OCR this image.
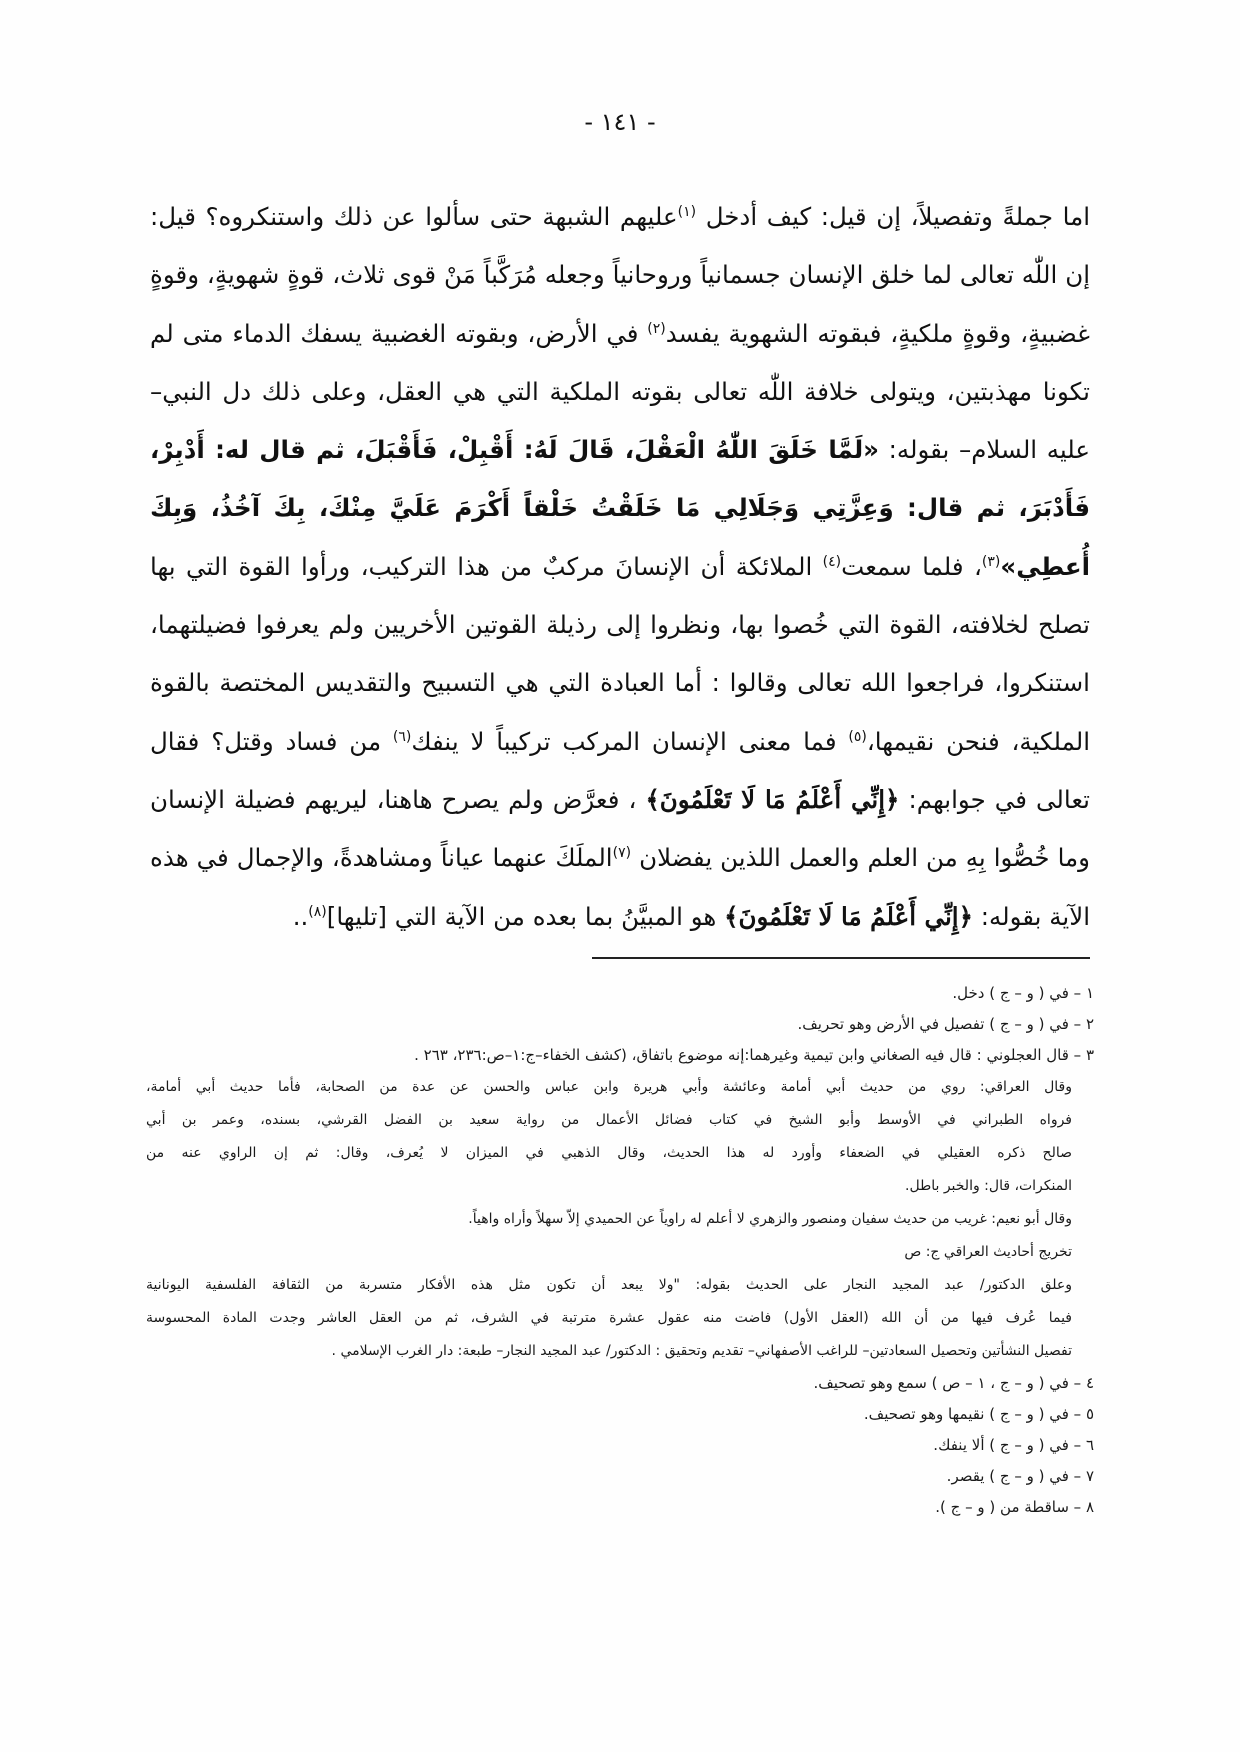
- ١٤١ -

اما جملةً وتفصيلاً، إن قيل: كيف أدخل $^{(١)}$عليهم الشبهة حتى سألوا عن ذلك واستنكروه؟ قيل: إن اللّٰه تعالى لما خلق الإنسان جسمانياً وروحانياً وجعله مُرَكَّباً مَنْ قوى ثلاث، قوةٍ شهويةٍ، وقوةٍ غضبيةٍ، وقوةٍ ملكيةٍ، فبقوته الشهوية يفسد$^{(٢)}$ في الأرض، وبقوته الغضبية يسفك الدماء متى لم تكونا مهذبتين، ويتولى خلافة اللّٰه تعالى بقوته الملكية التي هي العقل، وعلى ذلك دل النبي– عليه السلام– بقوله: «لَمَّا خَلَقَ اللّٰهُ الْعَقْلَ، قَالَ لَهُ: أَقْبِلْ، فَأَقْبَلَ، ثم قال له: أَدْبِرْ، فَأَدْبَرَ، ثم قال: وَعِزَّتِي وَجَلَالِي مَا خَلَقْتُ خَلْقاً أَكْرَمَ عَلَيَّ مِنْكَ، بِكَ آخُذُ، وَبِكَ أُعطِي»$^{(٣)}$، فلما سمعت$^{(٤)}$ الملائكة أن الإنسانَ مركبٌ من هذا التركيب، ورأوا القوة التي بها تصلح لخلافته، القوة التي خُصوا بها، ونظروا إلى رذيلة القوتين الأخريين ولم يعرفوا فضيلتهما، استنكروا، فراجعوا الله تعالى وقالوا : أما العبادة التي هي التسبيح والتقديس المختصة بالقوة الملكية، فنحن نقيمها،$^{(٥)}$ فما معنى الإنسان المركب تركيباً لا ينفك$^{(٦)}$ من فساد وقتل؟ فقال تعالى في جوابهم: ﴿إِنِّي أَعْلَمُ مَا لَا تَعْلَمُونَ﴾ ، فعرَّض ولم يصرح هاهنا، ليريهم فضيلة الإنسان وما خُصُّوا بِهِ من العلم والعمل اللذين يفضلان $^{(٧)}$الملَكَ عنهما عياناً ومشاهدةً، والإجمال في هذه الآية بقوله: ﴿إِنِّي أَعْلَمُ مَا لَا تَعْلَمُونَ﴾ هو المبيَّنُ بما بعده من الآية التي [تليها]$^{(٨)}$..

١ – في ( و – ج ) دخل.

٢ – في ( و – ج ) تفصيل في الأرض وهو تحريف.

٣ – قال العجلوني : قال فيه الصغاني وابن تيمية وغيرهما:إنه موضوع باتفاق، (كشف الخفاء–ج:١–ص:٢٣٦، ٢٦٣ .

وقال العراقي: روي من حديث أبي أمامة وعائشة وأبي هريرة وابن عباس والحسن عن عدة من الصحابة، فأما حديث أبي أمامة،

فرواه الطبراني في الأوسط وأبو الشيخ في كتاب فضائل الأعمال من رواية سعيد بن الفضل القرشي، بسنده، وعمر بن أبي

صالح ذكره العقيلي في الضعفاء وأورد له هذا الحديث، وقال الذهبي في الميزان لا يُعرف، وقال: ثم إن الراوي عنه من

المنكرات، قال: والخبر باطل.

وقال أبو نعيم: غريب من حديث سفيان ومنصور والزهري لا أعلم له راوياً عن الحميدي إلاّ سهلاً وأراه واهياً.

تخريج أحاديث العراقي ج: ص

وعلق الدكتور/ عبد المجيد النجار على الحديث بقوله: "ولا يبعد أن تكون مثل هذه الأفكار متسربة من الثقافة الفلسفية اليونانية

فيما عُرف فيها من أن الله (العقل الأول) فاضت منه عقول عشرة مترتبة في الشرف، ثم من العقل العاشر وجدت المادة المحسوسة

تفصيل النشأتين وتحصيل السعادتين– للراغب الأصفهاني– تقديم وتحقيق : الدكتور/ عبد المجيد النجار– طبعة: دار الغرب الإسلامي .

٤ – في ( و – ج ، ١ – ص ) سمع وهو تصحيف.

٥ – في ( و – ج ) نقيمها وهو تصحيف.

٦ – في ( و – ج ) ألا ينفك.

٧ – في ( و – ج ) يقصر.

٨ – ساقطة من ( و – ج ).
